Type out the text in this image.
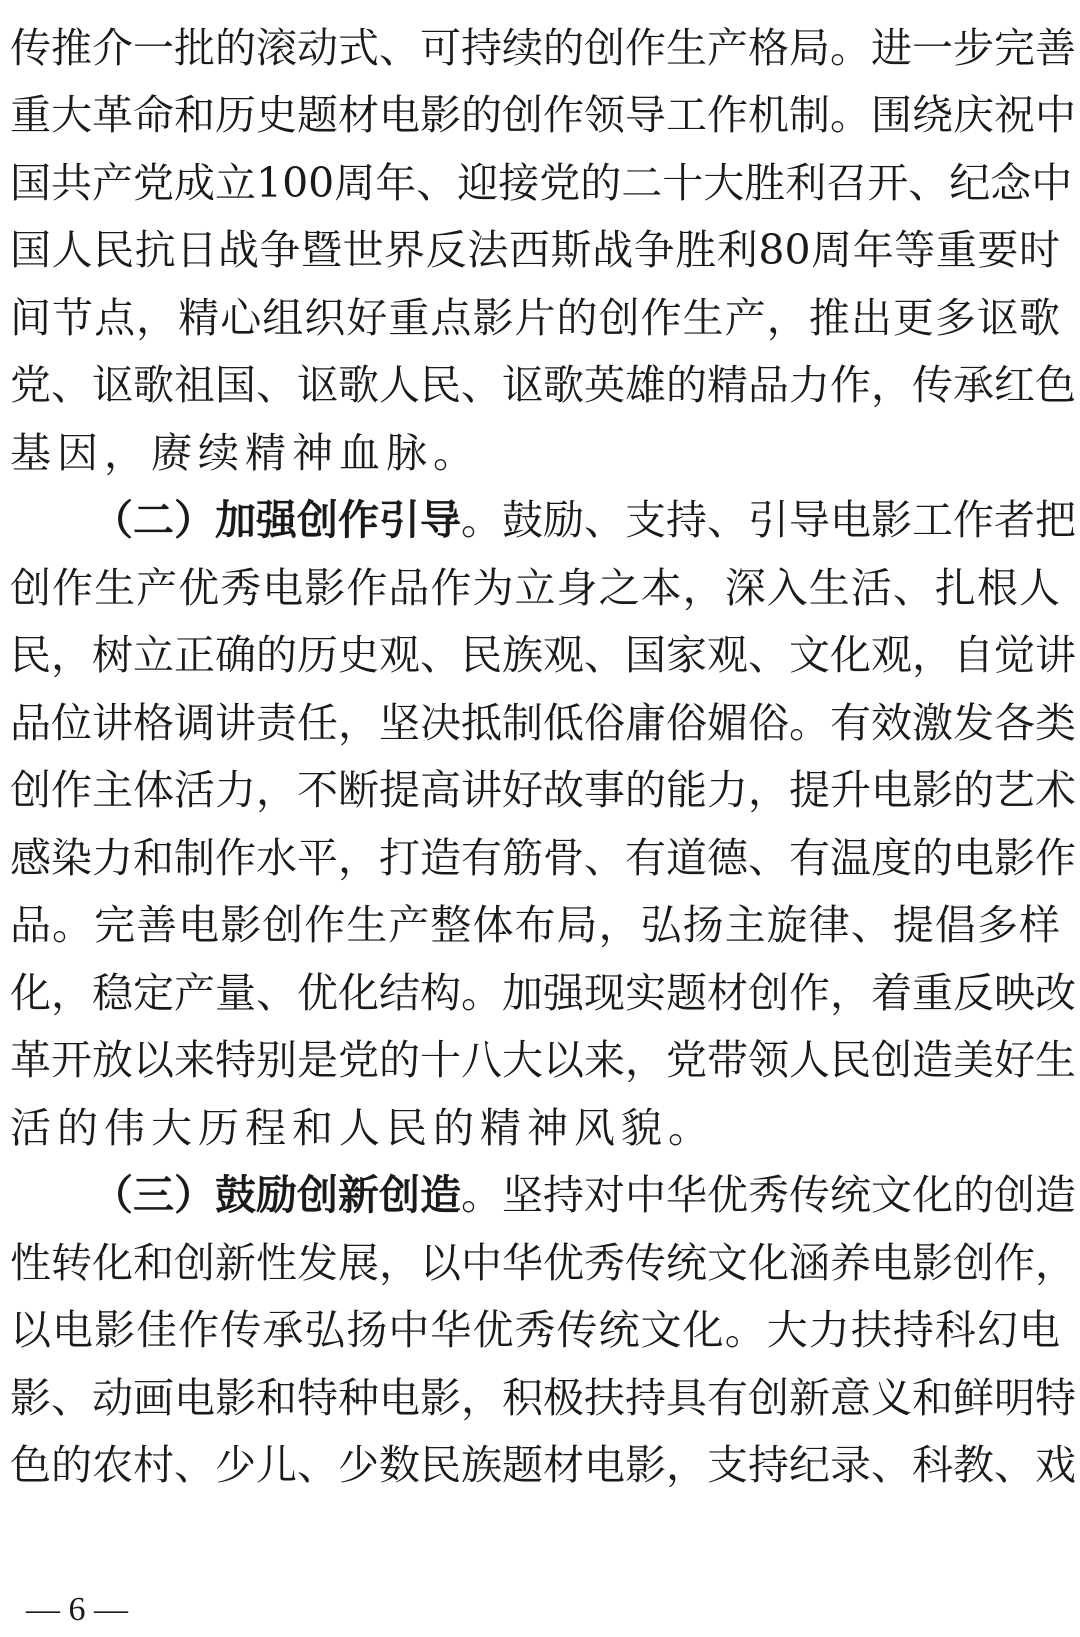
传推介一批的滚动式、可持续的创作生产格局。进一步完善
重大革命和历史题材电影的创作领导工作机制。围绕庆祝中
国共产党成立100周年、迎接党的二十大胜利召开、纪念中
国人民抗日战争暨世界反法西斯战争胜利80周年等重要时
间节点，精心组织好重点影片的创作生产，推出更多讴歌
党、讴歌祖国、讴歌人民、讴歌英雄的精品力作，传承红色
基因，赓续精神血脉。
（二）加强创作引导。鼓励、支持、引导电影工作者把
创作生产优秀电影作品作为立身之本，深入生活、扎根人
民，树立正确的历史观、民族观、国家观、文化观，自觉讲
品位讲格调讲责任，坚决抵制低俗庸俗媚俗。有效激发各类
创作主体活力，不断提高讲好故事的能力，提升电影的艺术
感染力和制作水平，打造有筋骨、有道德、有温度的电影作
品。完善电影创作生产整体布局，弘扬主旋律、提倡多样
化，稳定产量、优化结构。加强现实题材创作，着重反映改
革开放以来特别是党的十八大以来，党带领人民创造美好生
活的伟大历程和人民的精神风貌。
（三）鼓励创新创造。坚持对中华优秀传统文化的创造
性转化和创新性发展，以中华优秀传统文化涵养电影创作，
以电影佳作传承弘扬中华优秀传统文化。大力扶持科幻电
影、动画电影和特种电影，积极扶持具有创新意义和鲜明特
色的农村、少儿、少数民族题材电影，支持纪录、科教、戏
— 6 —
